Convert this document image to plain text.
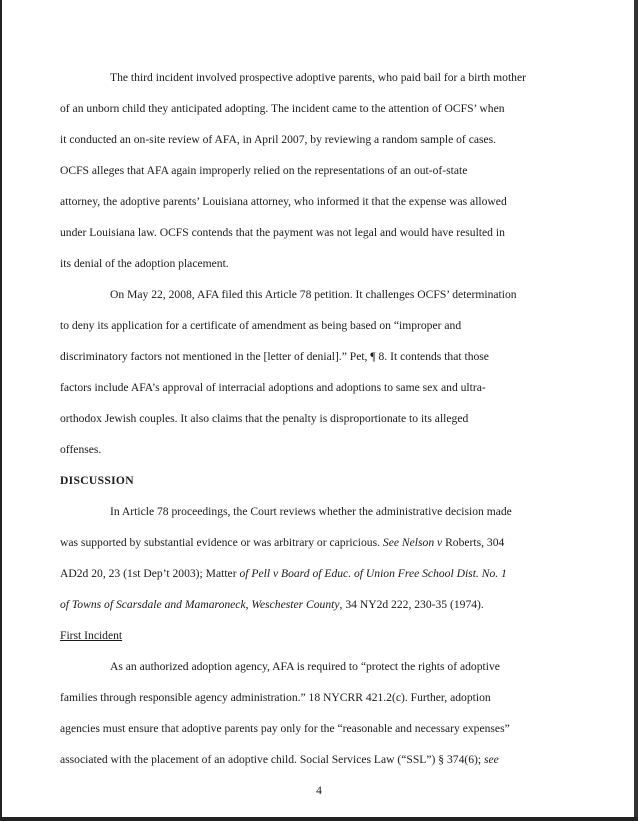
The third incident involved prospective adoptive parents, who paid bail for a birth mother
of an unborn child they anticipated adopting. The incident came to the attention of OCFS’ when
it conducted an on-site review of AFA, in April 2007, by reviewing a random sample of cases.
OCFS alleges that AFA again improperly relied on the representations of an out-of-state
attorney, the adoptive parents’ Louisiana attorney, who informed it that the expense was allowed
under Louisiana law. OCFS contends that the payment was not legal and would have resulted in
its denial of the adoption placement.
On May 22, 2008, AFA filed this Article 78 petition. It challenges OCFS’ determination
to deny its application for a certificate of amendment as being based on “improper and
discriminatory factors not mentioned in the [letter of denial].” Pet, ¶ 8. It contends that those
factors include AFA’s approval of interracial adoptions and adoptions to same sex and ultra-
orthodox Jewish couples. It also claims that the penalty is disproportionate to its alleged
offenses.
DISCUSSION
In Article 78 proceedings, the Court reviews whether the administrative decision made
was supported by substantial evidence or was arbitrary or capricious. See Nelson v Roberts, 304
AD2d 20, 23 (1st Dep’t 2003); Matter of Pell v Board of Educ. of Union Free School Dist. No. 1
of Towns of Scarsdale and Mamaroneck, Weschester County, 34 NY2d 222, 230-35 (1974).
First Incident
As an authorized adoption agency, AFA is required to “protect the rights of adoptive
families through responsible agency administration.” 18 NYCRR 421.2(c). Further, adoption
agencies must ensure that adoptive parents pay only for the “reasonable and necessary expenses”
associated with the placement of an adoptive child. Social Services Law (“SSL”) § 374(6); see
4
